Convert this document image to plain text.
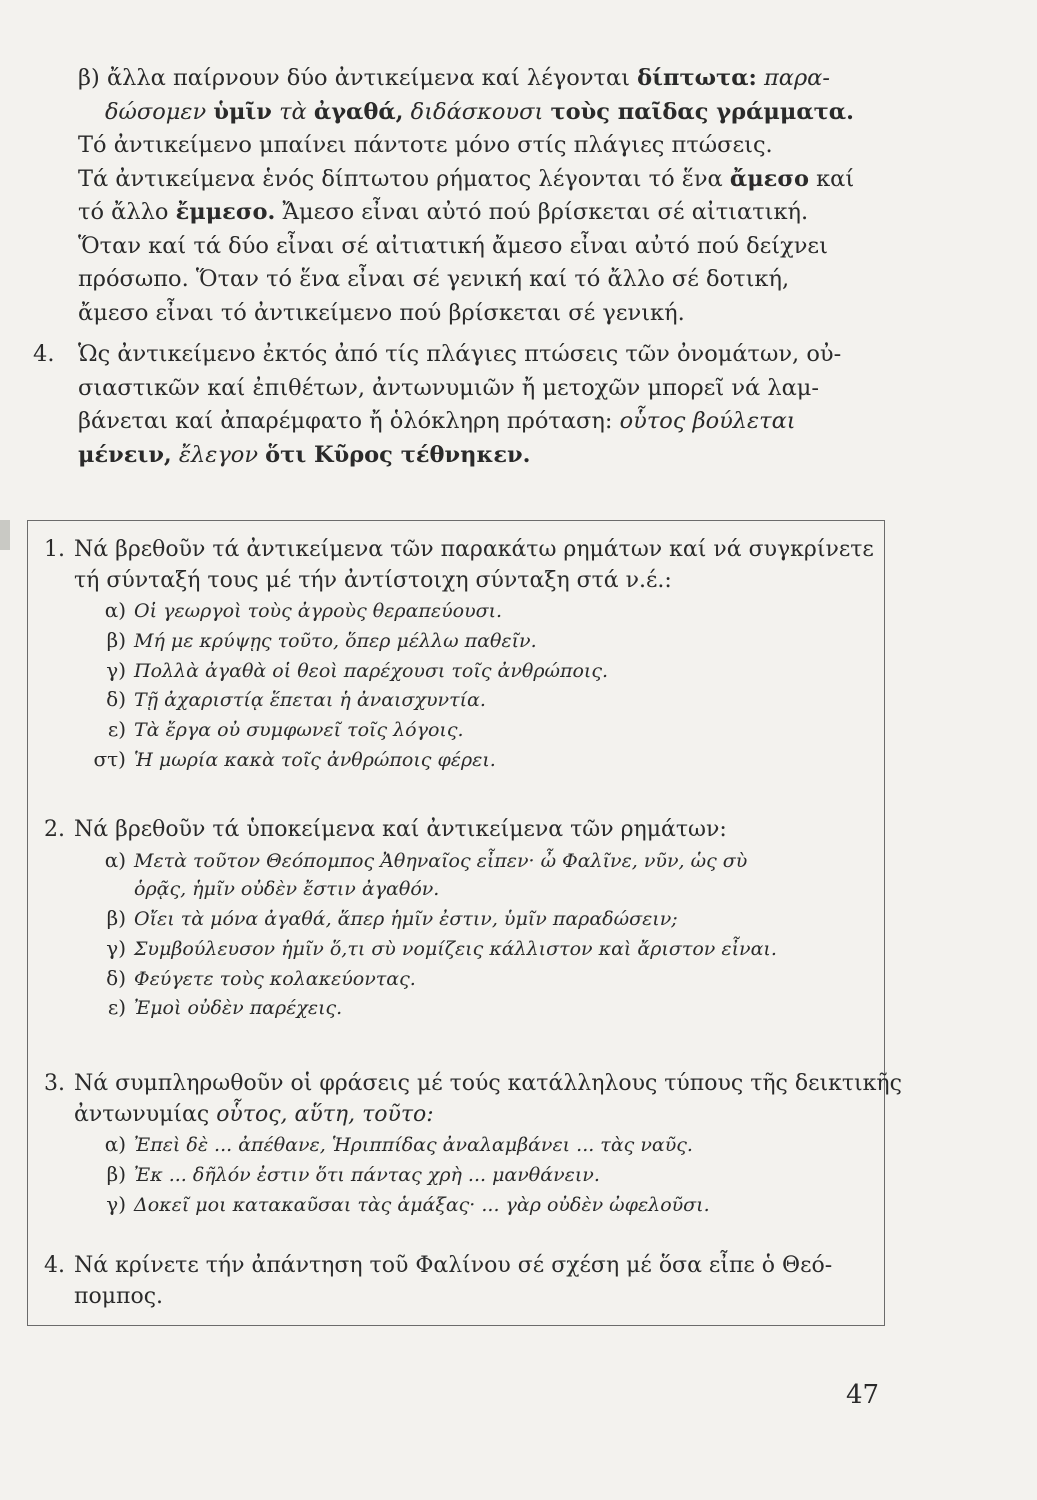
β) ἄλλα παίρνουν δύο ἀντικείμενα καί λέγονται δίπτωτα: παρα-
δώσομεν ὑμῖν τὰ ἀγαθά, διδάσκουσι τοὺς παῖδας γράμματα.
Τό ἀντικείμενο μπαίνει πάντοτε μόνο στίς πλάγιες πτώσεις.
Τά ἀντικείμενα ἑνός δίπτωτου ρήματος λέγονται τό ἕνα ἄμεσο καί
τό ἄλλο ἔμμεσο. Ἄμεσο εἶναι αὐτό πού βρίσκεται σέ αἰτιατική.
Ὅταν καί τά δύο εἶναι σέ αἰτιατική ἄμεσο εἶναι αὐτό πού δείχνει
πρόσωπο. Ὅταν τό ἕνα εἶναι σέ γενική καί τό ἄλλο σέ δοτική,
ἄμεσο εἶναι τό ἀντικείμενο πού βρίσκεται σέ γενική.
4. Ὡς ἀντικείμενο ἐκτός ἀπό τίς πλάγιες πτώσεις τῶν ὀνομάτων, οὐ-
σιαστικῶν καί ἐπιθέτων, ἀντωνυμιῶν ἤ μετοχῶν μπορεῖ νά λαμ-
βάνεται καί ἀπαρέμφατο ἤ ὁλόκληρη πρόταση: οὗτος βούλεται
μένειν, ἔλεγον ὅτι Κῦρος τέθνηκεν.
1. Νά βρεθοῦν τά ἀντικείμενα τῶν παρακάτω ρημάτων καί νά συγκρίνετε
τή σύνταξή τους μέ τήν ἀντίστοιχη σύνταξη στά ν.έ.:
α) Οἱ γεωργοὶ τοὺς ἀγροὺς θεραπεύουσι.
β) Μή με κρύψῃς τοῦτο, ὅπερ μέλλω παθεῖν.
γ) Πολλὰ ἀγαθὰ οἱ θεοὶ παρέχουσι τοῖς ἀνθρώποις.
δ) Τῇ ἀχαριστίᾳ ἕπεται ἡ ἀναισχυντία.
ε) Τὰ ἔργα οὐ συμφωνεῖ τοῖς λόγοις.
στ) Ἡ μωρία κακὰ τοῖς ἀνθρώποις φέρει.
2. Νά βρεθοῦν τά ὑποκείμενα καί ἀντικείμενα τῶν ρημάτων:
α) Μετὰ τοῦτον Θεόπομπος Ἀθηναῖος εἶπεν· ὦ Φαλῖνε, νῦν, ὡς σὺ
ὁρᾷς, ἡμῖν οὐδὲν ἔστιν ἀγαθόν.
β) Οἴει τὰ μόνα ἀγαθά, ἅπερ ἡμῖν ἐστιν, ὑμῖν παραδώσειν;
γ) Συμβούλευσον ἡμῖν ὅ,τι σὺ νομίζεις κάλλιστον καὶ ἄριστον εἶναι.
δ) Φεύγετε τοὺς κολακεύοντας.
ε) Ἐμοὶ οὐδὲν παρέχεις.
3. Νά συμπληρωθοῦν οἱ φράσεις μέ τούς κατάλληλους τύπους τῆς δεικτικῆς
ἀντωνυμίας οὗτος, αὕτη, τοῦτο:
α) Ἐπεὶ δὲ ... ἀπέθανε, Ἡριππίδας ἀναλαμβάνει ... τὰς ναῦς.
β) Ἐκ ... δῆλόν ἐστιν ὅτι πάντας χρὴ ... μανθάνειν.
γ) Δοκεῖ μοι κατακαῦσαι τὰς ἁμάξας· ... γὰρ οὐδὲν ὠφελοῦσι.
4. Νά κρίνετε τήν ἀπάντηση τοῦ Φαλίνου σέ σχέση μέ ὅσα εἶπε ὁ Θεό-
πομπος.
47
